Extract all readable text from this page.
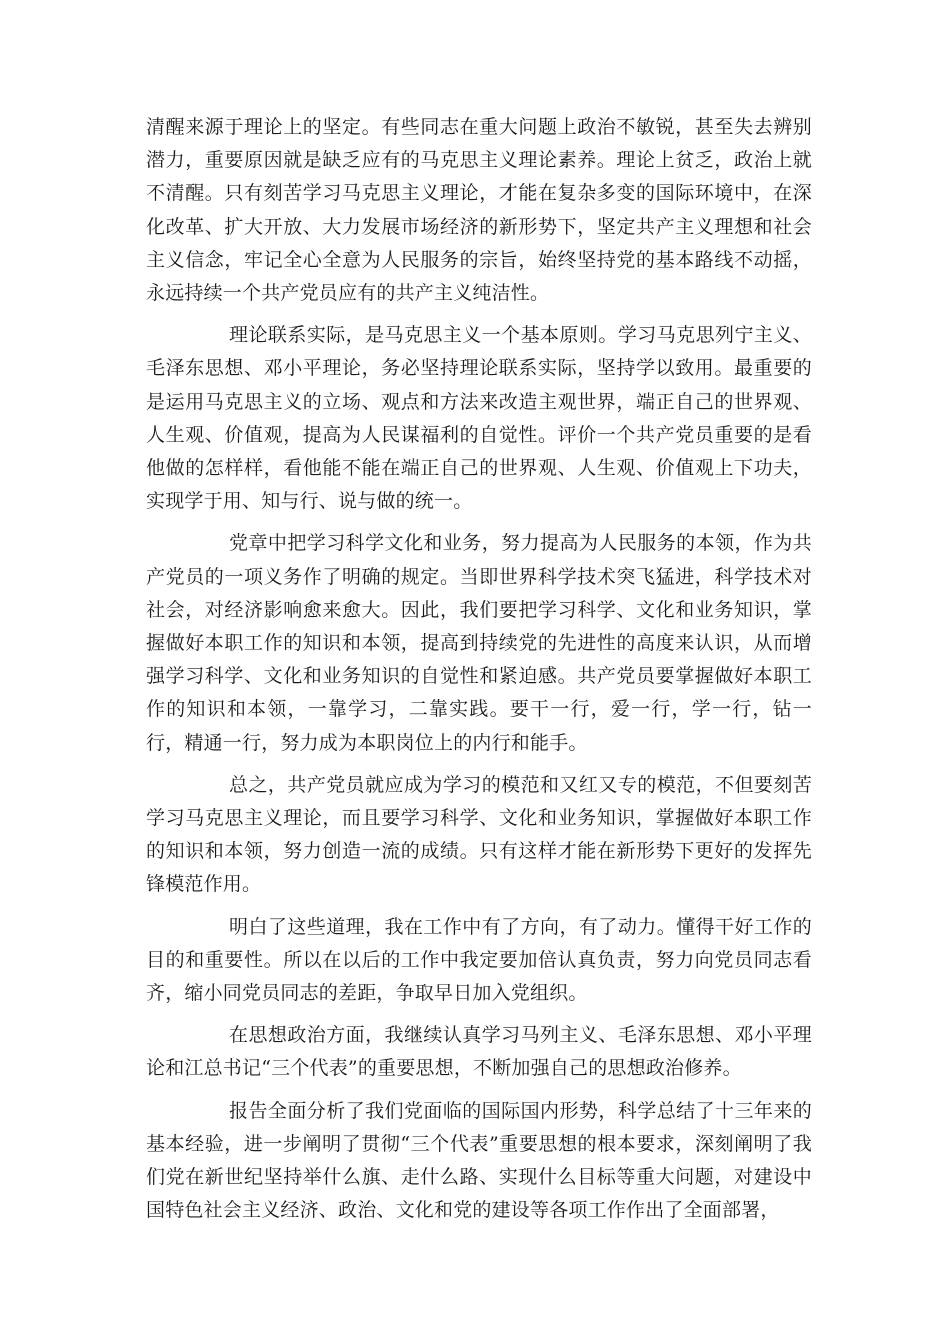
清醒来源于理论上的坚定。有些同志在重大问题上政治不敏锐，甚至失去辨别潜力，重要原因就是缺乏应有的马克思主义理论素养。理论上贫乏，政治上就不清醒。只有刻苦学习马克思主义理论，才能在复杂多变的国际环境中，在深化改革、扩大开放、大力发展市场经济的新形势下，坚定共产主义理想和社会主义信念，牢记全心全意为人民服务的宗旨，始终坚持党的基本路线不动摇，永远持续一个共产党员应有的共产主义纯洁性。

理论联系实际，是马克思主义一个基本原则。学习马克思列宁主义、毛泽东思想、邓小平理论，务必坚持理论联系实际，坚持学以致用。最重要的是运用马克思主义的立场、观点和方法来改造主观世界，端正自己的世界观、人生观、价值观，提高为人民谋福利的自觉性。评价一个共产党员重要的是看他做的怎样样，看他能不能在端正自己的世界观、人生观、价值观上下功夫，实现学于用、知与行、说与做的统一。

党章中把学习科学文化和业务，努力提高为人民服务的本领，作为共产党员的一项义务作了明确的规定。当即世界科学技术突飞猛进，科学技术对社会，对经济影响愈来愈大。因此，我们要把学习科学、文化和业务知识，掌握做好本职工作的知识和本领，提高到持续党的先进性的高度来认识，从而增强学习科学、文化和业务知识的自觉性和紧迫感。共产党员要掌握做好本职工作的知识和本领，一靠学习，二靠实践。要干一行，爱一行，学一行，钻一行，精通一行，努力成为本职岗位上的内行和能手。

总之，共产党员就应成为学习的模范和又红又专的模范，不但要刻苦学习马克思主义理论，而且要学习科学、文化和业务知识，掌握做好本职工作的知识和本领，努力创造一流的成绩。只有这样才能在新形势下更好的发挥先锋模范作用。

明白了这些道理，我在工作中有了方向，有了动力。懂得干好工作的目的和重要性。所以在以后的工作中我定要加倍认真负责，努力向党员同志看齐，缩小同党员同志的差距，争取早日加入党组织。

在思想政治方面，我继续认真学习马列主义、毛泽东思想、邓小平理论和江总书记“三个代表”的重要思想，不断加强自己的思想政治修养。

报告全面分析了我们党面临的国际国内形势，科学总结了十三年来的基本经验，进一步阐明了贯彻“三个代表”重要思想的根本要求，深刻阐明了我们党在新世纪坚持举什么旗、走什么路、实现什么目标等重大问题，对建设中国特色社会主义经济、政治、文化和党的建设等各项工作作出了全面部署，
